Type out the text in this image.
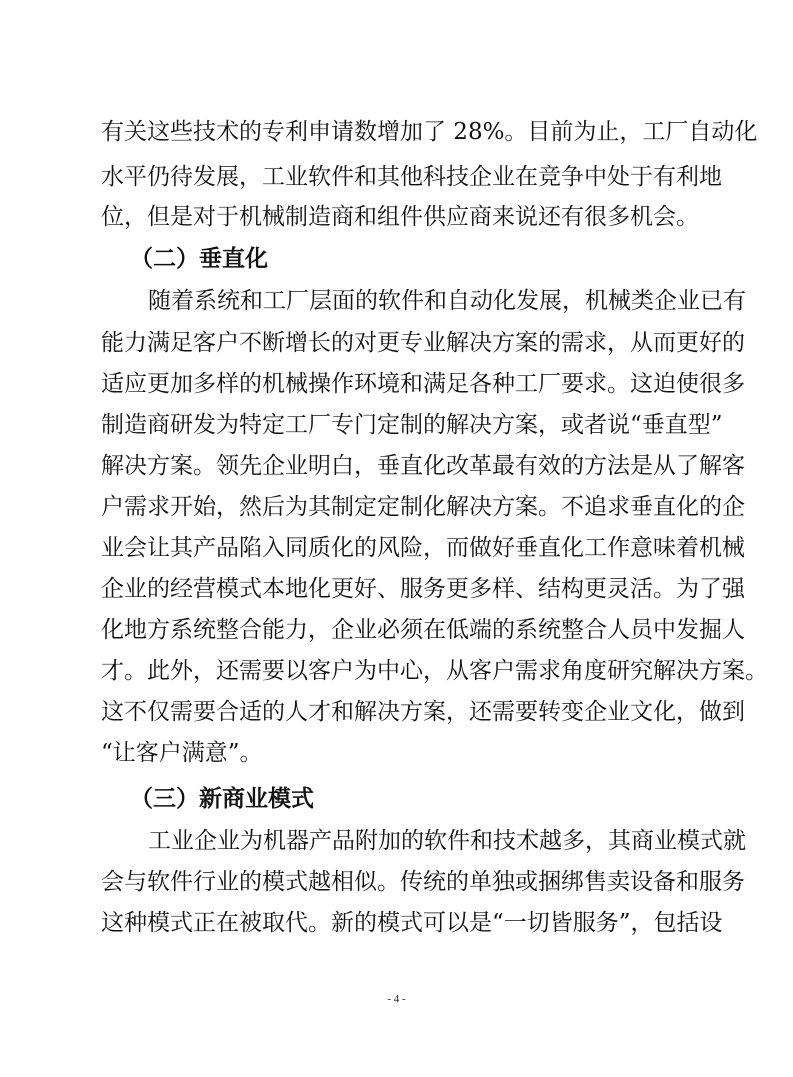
有关这些技术的专利申请数增加了 28%。目前为止，工厂自动化
水平仍待发展，工业软件和其他科技企业在竞争中处于有利地
位，但是对于机械制造商和组件供应商来说还有很多机会。
（二）垂直化
随着系统和工厂层面的软件和自动化发展，机械类企业已有
能力满足客户不断增长的对更专业解决方案的需求，从而更好的
适应更加多样的机械操作环境和满足各种工厂要求。这迫使很多
制造商研发为特定工厂专门定制的解决方案，或者说“垂直型”
解决方案。领先企业明白，垂直化改革最有效的方法是从了解客
户需求开始，然后为其制定定制化解决方案。不追求垂直化的企
业会让其产品陷入同质化的风险，而做好垂直化工作意味着机械
企业的经营模式本地化更好、服务更多样、结构更灵活。为了强
化地方系统整合能力，企业必须在低端的系统整合人员中发掘人
才。此外，还需要以客户为中心，从客户需求角度研究解决方案。
这不仅需要合适的人才和解决方案，还需要转变企业文化，做到
“让客户满意”。
（三）新商业模式
工业企业为机器产品附加的软件和技术越多，其商业模式就
会与软件行业的模式越相似。传统的单独或捆绑售卖设备和服务
这种模式正在被取代。新的模式可以是“一切皆服务”，包括设
- 4 -
